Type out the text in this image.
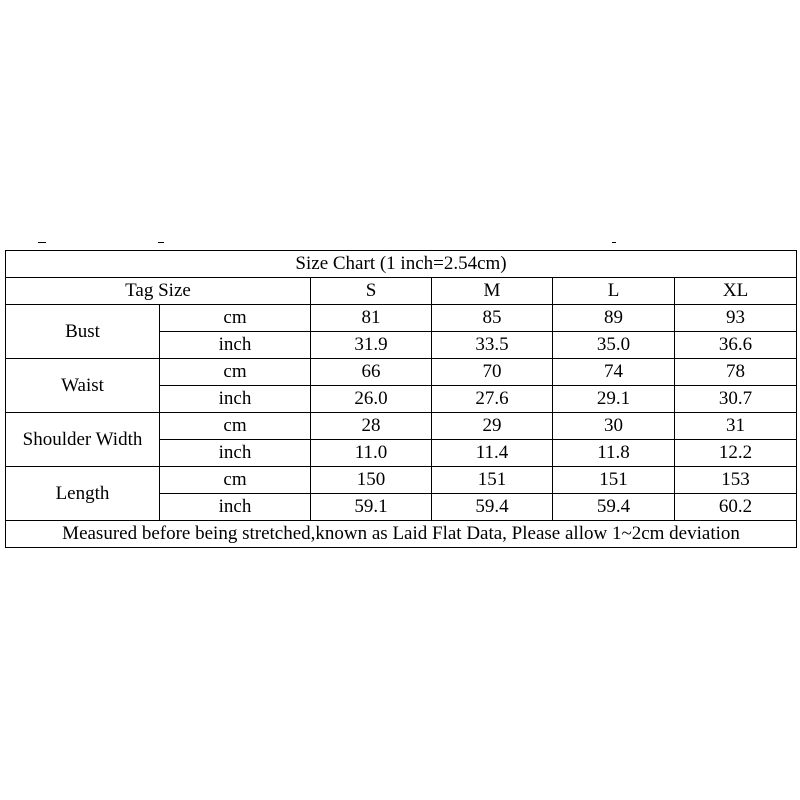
Size Chart (1 inch=2.54cm)					
Tag Size		S	M	L	XL
Bust	cm	81	85	89	93
	inch	31.9	33.5	35.0	36.6
Waist	cm	66	70	74	78
	inch	26.0	27.6	29.1	30.7
Shoulder Width	cm	28	29	30	31
	inch	11.0	11.4	11.8	12.2
Length	cm	150	151	151	153
	inch	59.1	59.4	59.4	60.2
Measured before being stretched,known as Laid Flat Data, Please allow 1~2cm deviation					
